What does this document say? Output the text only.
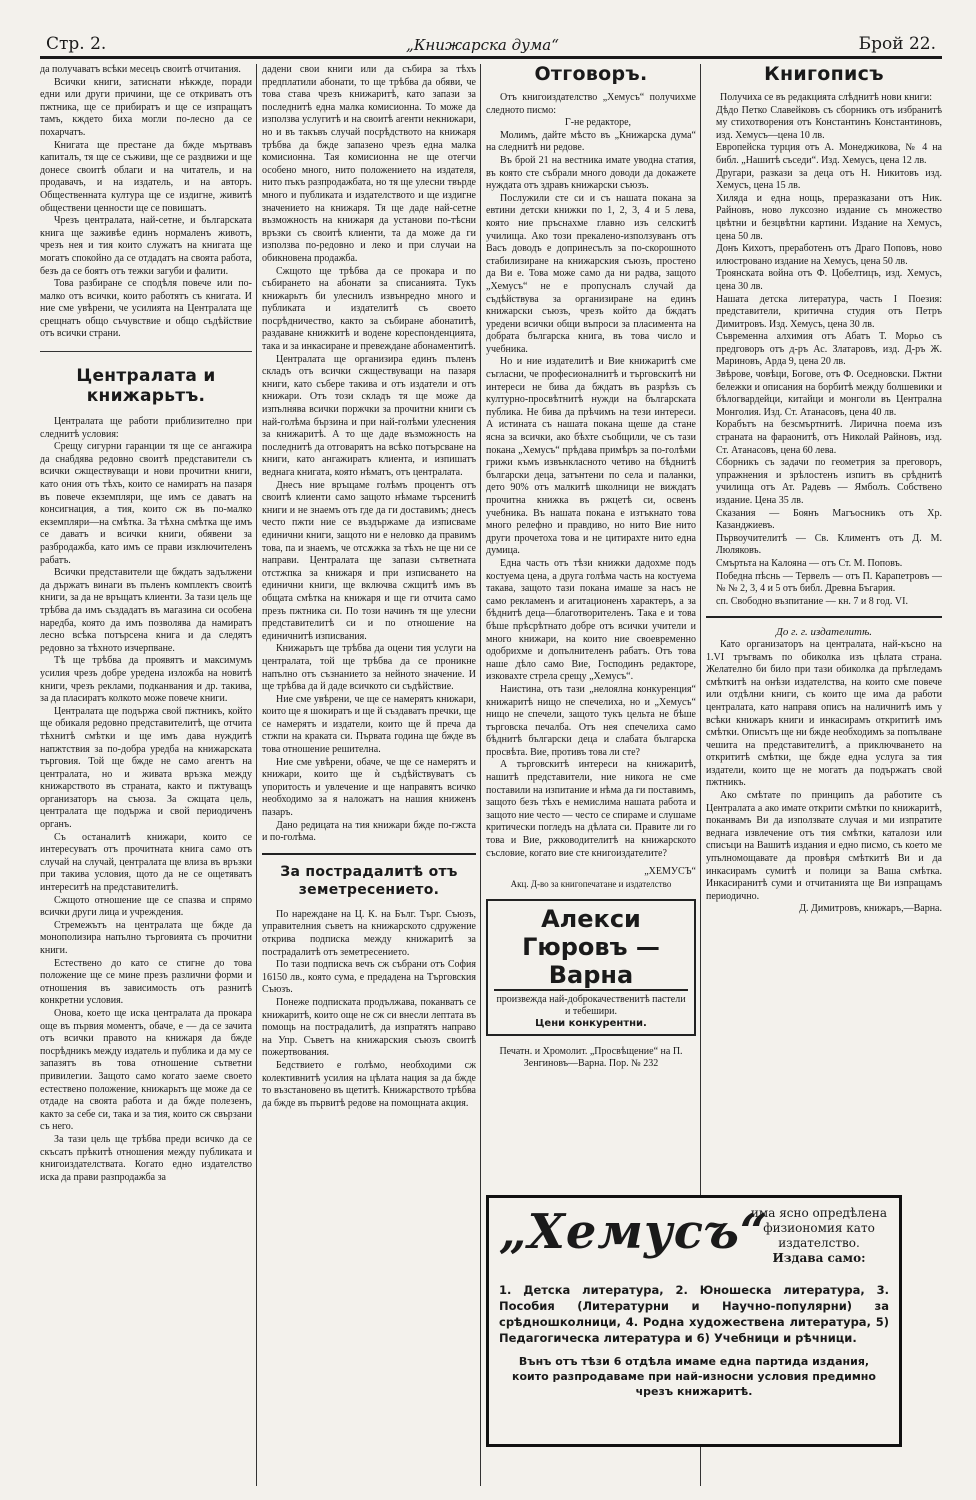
Стр. 2.	„Книжарска дума“	Брой 22.

да получаватъ всѣки месецъ своитѣ отчитания.

Всички книги, затиснати нѣкжде, поради едни или други причини, ще се откриватъ отъ пжтника, ще се прибиратъ и ще се изпращатъ тамъ, кждето биха могли по-лесно да се похарчатъ.

Книгата ще престане да бжде мъртвавъ капиталъ, тя ще се съживи, ще се раздвижи и ще донесе своитѣ облаги и на читатель, и на продавачъ, и на издатель, и на авторъ. Общественната култура ще се издигне, живитѣ обществени ценности ще се повишатъ.

Чрезъ централата, най-сетне, и българската книга ще заживѣе единъ нормаленъ животъ, чрезъ нея и тия които служатъ на книгата ще могатъ спокойно да се отдадатъ на своята работа, безъ да се боятъ отъ тежки загуби и фалити.

Това разбиране се сподѣля повече или по-малко отъ всички, които работятъ съ книгата. И ние сме увѣрени, че усилията на Централата ще срещнатъ общо съчувствие и общо съдѣйствие отъ всички страни.

Централата и книжарьтъ.

Централата ще работи приблизително при следнитѣ условия:

Срещу сигурни гаранции тя ще се ангажира да снабдява редовно своитѣ представители съ всички сжществуващи и нови прочитни книги, като ония отъ тѣхъ, които се намиратъ на пазаря въ повече екземпляри, ще имъ се даватъ на консигнация, а тия, които сж въ по-малко екземпляри—на смѣтка. За тѣхна смѣтка ще имъ се даватъ и всички книги, обявени за разбродажба, като имъ се прави изключителенъ рабатъ.

Всички представители ще бждатъ задължени да държатъ винаги въ пъленъ комплектъ своитѣ книги, за да не връщатъ клиенти. За тази цель ще трѣбва да имъ създадатъ въ магазина си особена наредба, която да имъ позволява да намиратъ лесно всѣка потърсена книга и да следятъ редовно за тѣхното изчерпване.

Тѣ ще трѣбва да проявятъ и максимумъ усилия чрезъ добре уредена изложба на новитѣ книги, чрезъ реклами, подканвания и др. такива, за да пласиратъ колкото може повече книги.

Централата ще подържа свой пжтникъ, който ще обикаля редовно представителитѣ, ще отчита тѣхнитѣ смѣтки и ще имъ дава нуждитѣ напжтствия за по-добра уредба на книжарската търговия. Той ще бжде не само агентъ на централата, но и живата връзка между книжарството въ страната, както и пжтуващъ организаторъ на съюза. За сжщата цель, централата ще подържа и свой периодиченъ органъ.

Съ останалитѣ книжари, които се интересуватъ отъ прочитната книга само отъ случай на случай, централата ще влиза въ връзки при такива условия, щото да не се ощетяватъ интереситѣ на представителитѣ.

Сжщото отношение ще се спазва и спрямо всички други лица и учреждения.

Стремежътъ на централата ще бжде да монополизира напълно търговията съ прочитни книги.

Естествено до като се стигне до това положение ще се мине презъ различни форми и отношения въ зависимость отъ разнитѣ конкретни условия.

Онова, което ще иска централата да прокара още въ първия моментъ, обаче, е — да се зачита отъ всички правото на книжаря да бжде посрѣдникъ между издатель и публика и да му се запазятъ въ това отношение сътветни привилегии. Защото само когато заеме своето естествено положение, книжарьтъ ще може да се отдаде на своята работа и да бжде полезенъ, както за себе си, така и за тия, които сж свързани съ него.

За тази цель ще трѣбва преди всичко да се скъсатъ прѣкитѣ отношения между публиката и книгоиздателствата. Когато едно издателство иска да прави разпродажба за

дадени свои книги или да събира за тѣхъ предплатили абонати, то ще трѣбва да обяви, че това става чрезъ книжаритѣ, като запази за последнитѣ една малка комисионна. То може да използва услугитѣ и на своитѣ агенти некнижари, но и въ такъвъ случай посрѣдството на книжаря трѣбва да бжде запазено чрезъ една малка комисионна. Тая комисионна не ще отегчи особено много, нито положението на издателя, нито пъкъ разпродажбата, но тя ще улесни твърде много и публиката и издателството и ще издигне значението на книжаря. Тя ще даде най-сетне възможность на книжаря да установи по-тѣсни връзки съ своитѣ клиенти, та да може да ги използва по-редовно и леко и при случаи на обикновена продажба.

Сжщото ще трѣбва да се прокара и по събирането на абонати за списанията. Тукъ книжарьтъ би улеснилъ извънредно много и публиката и издателитѣ съ своето посрѣдничество, както за събиране абонатитѣ, раздаване книжкитѣ и водене кореспонденцията, така и за инкасиране и превеждане абонаментитѣ.

Централата ще организира единъ пъленъ складъ отъ всички сжществуващи на пазаря книги, като събере такива и отъ издатели и отъ книжари. Отъ този складъ тя ще може да изпълнява всички поржчки за прочитни книги съ най-голѣма бързина и при най-голѣми улеснения за книжаритѣ. А то ще даде възможность на последнитѣ да отговарятъ на всѣко потърсване на книги, като ангажиратъ клиента, и изпишатъ веднага книгата, която нѣматъ, отъ централата.

Днесъ ние връщаме голѣмъ процентъ отъ своитѣ клиенти само защото нѣмаме търсенитѣ книги и не знаемъ отъ где да ги доставимъ; днесъ често пжти ние се въздържаме да изписваме единични книги, защото ни е неловко да правимъ това, па и знаемъ, че отсѫжка за тѣхъ не ще ни се направи. Централата ще запази сътветната отстжпка за книжаря и при изписването на единични книги, ще включва сжщитѣ имъ въ общата смѣтка на книжаря и ще ги отчита само презъ пжтника си. По този начинъ тя ще улесни представителитѣ си и по отношение на единичнитѣ изписвания.

Книжарьтъ ще трѣбва да оцени тия услуги на централата, той ще трѣбва да се проникне напълно отъ съзнанието за нейното значение. И ще трѣбва да й даде всичкото си съдѣйствие.

Ние сме увѣрени, че ще се намерятъ книжари, които ще я шокиратъ и ще й създаватъ пречки, ще се намерятъ и издатели, които ще й преча да стжпи на краката си. Първата година ще бжде въ това отношение решителна.

Ние сме увѣрени, обаче, че ще се намерятъ и книжари, които ще ѝ съдѣйствуватъ съ упоритость и увлечение и ще направятъ всичко необходимо за я наложатъ на нашия книженъ пазаръ.

Дано редицата на тия книжари бжде по-гжста и по-голѣма.

За пострадалитѣ отъ земетресението.

По нареждане на Ц. К. на Бълг. Търг. Съюзъ, управителния съветъ на книжарското сдружение открива подписка между книжаритѣ за пострадалитѣ отъ земетресението.

По тази подписка вечъ сж събрани отъ София 16150 лв., която сума, е предадена на Търговския Съюзъ.

Понеже подписката продължава, поканватъ се книжаритѣ, които още не сж си внесли лептата въ помощь на пострадалитѣ, да изпратятъ направо на Упр. Съветъ на книжарския съюзъ своитѣ пожертвования.

Бедствието е голѣмо, необходими сж колективнитѣ усилия на цѣлата нация за да бжде то възстановено въ щетитѣ. Книжарството трѣбва да бжде въ първитѣ редове на помощната акция.

Отговоръ.

Отъ книгоиздателство „Хемусъ“ получихме следното писмо:

Г-не редакторе,

Молимъ, дайте мѣсто въ „Книжарска дума“ на следнитѣ ни редове.

Въ брой 21 на вестника имате уводна статия, въ която сте събрали много доводи да докажете нуждата отъ здравъ книжарски съюзъ.

Послужили сте си и съ нашата покана за евтини детски книжки по 1, 2, 3, 4 и 5 лева, която ние пръснахме главно изъ селскитѣ училища. Ако този прекалено-използуванъ отъ Васъ доводъ е допринесълъ за по-скорошното стабилизиране на книжарския съюзъ, простено да Ви е. Това може само да ни радва, защото „Хемусъ“ не е пропусналъ случай да съдѣйствува за организиране на единъ книжарски съюзъ, чрезъ който да бждатъ уредени всички общи въпроси за пласимента на добрата българска книга, въ това число и учебника.

Но и ние издателитѣ и Вие книжаритѣ сме съгласни, че професионалнитѣ и търговскитѣ ни интереси не бива да бждатъ въ разрѣзъ съ културно-просвѣтнитѣ нужди на българската публика. Не бива да прѣчимъ на тези интереси. А истината съ нашата покана щеше да стане ясна за всички, ако бѣхте съобщили, че съ тази покана „Хемусъ“ прѣдава примѣръ за по-голѣми грижи къмъ извънкласното четиво на бѣднитѣ български деца, затънтени по села и паланки, дето 90% отъ малкитѣ школници не виждатъ прочитна книжка въ ржцетѣ си, освенъ учебника. Въ нашата покана е изтъкнато това много релефно и правдиво, но нито Вие нито други прочетоха това и не цитирахте нито една думица.

Една часть отъ тѣзи книжки дадохме подъ костуема цена, а друга голѣма часть на костуема такава, защото тази покана имаше за насъ не само рекламенъ и агитационенъ характеръ, а за бѣднитѣ деца—благотворителенъ. Така е и това бѣше прѣсрѣтнато добре отъ всички учители и много книжари, на които ние своевременно одобрихме и допълнителенъ рабатъ. Отъ това наше дѣло само Вие, Господинъ редакторе, изковахте стрела срещу „Хемусъ“.

Наистина, отъ тази „нелоялна конкуренция“ книжаритѣ нищо не спечелиха, но и „Хемусъ“ нищо не спечели, защото тукъ цельта не бѣше търговска печалба. Отъ нея спечелиха само бѣднитѣ български деца и слабата българска просвѣта. Вие, противъ това ли сте?

А търговскитѣ интереси на книжаритѣ, нашитѣ представители, ние никога не сме поставили на изпитание и нѣма да ги поставимъ, защото безъ тѣхъ е немислима нашата работа и защото ние често — често се спираме и слушаме критически погледъ на дѣлата си. Правите ли го това и Вие, ржководителитѣ на книжарското съсловие, когато вие сте книгоиздателите?

„ХЕМУСЪ“
Акц. Д-во за книгопечатане и издателство
Алекси Гюровъ — Варна
произвежда най-доброкачественитѣ пастели и тебешири.
Цени конкурентни.
Печатн. и Хромолит. „Просвѣщение“ на П. Зенгиновъ—Варна. Пор. № 232
Книгописъ

Получиха се въ редакцията слѣднитѣ нови книги:

Дѣдо Петко Славейковъ съ сборникъ отъ избранитѣ му стихотворения отъ Константинъ Константиновъ, изд. Хемусъ—цена 10 лв.

Европейска турция отъ А. Монеджикова, № 4 на библ. „Нашитѣ съседи“. Изд. Хемусъ, цена 12 лв.

Другари, разкази за деца отъ Н. Никитовъ изд. Хемусъ, цена 15 лв.

Хиляда и една нощь, преразказани отъ Ник. Райновъ, ново луксозно издание съ множество цвѣтни и безцвѣтни картини. Издание на Хемусъ, цена 50 лв.

Донъ Кихотъ, преработенъ отъ Драго Поповъ, ново илюстровано издание на Хемусъ, цена 50 лв.

Троянската война отъ Ф. Цобелтицъ, изд. Хемусъ, цена 30 лв.

Нашата детска литература, часть I Поезия: представители, критична студия отъ Петръ Димитровъ. Изд. Хемусъ, цена 30 лв.

Съвременна алхимия отъ Абатъ Т. Морьо съ предговоръ отъ д-ръ Ас. Златаровъ, изд. Д-ръ Ж. Мариновъ, Арда 9, цена 20 лв.

Звѣрове, човѣци, Богове, отъ Ф. Оседновски. Пжтни бележки и описания на борбитѣ между болшевики и бѣлогвардейци, китайци и монголи въ Централна Монголия. Изд. Ст. Атанасовъ, цена 40 лв.

Корабътъ на безсмъртнитѣ. Лирична поема изъ страната на фараонитѣ, отъ Николай Райновъ, изд. Ст. Атанасовъ, цена 60 лева.

Сборникъ съ задачи по геометрия за преговоръ, упражнения и зрѣлостенъ изпитъ въ срѣднитѣ училища отъ Ат. Радевъ — Ямболъ. Собствено издание. Цена 35 лв.

Сказания — Боянъ Магъосникъ отъ Хр. Казанджиевъ.

Първоучителитѣ — Св. Климентъ отъ Д. М. Люляковъ.

Смъртьта на Калояна — отъ Ст. М. Поповъ.

Победна пѣснь — Тервелъ — отъ П. Карапетровъ — № № 2, 3, 4 и 5 отъ библ. Древна Бъгария.

сп. Свободно възпитание — кн. 7 и 8 год. VI.

До г. г. издателитѣ.

Като организаторъ на централата, най-късно на 1.VI тръгвамъ по обиколка изъ цѣлата страна. Желателно би било при тази обиколка да прѣгледамъ смѣткитѣ на онѣзи издателства, на които сме повече или отдѣлни книги, съ които ще има да работи централата, като направя описъ на наличнитѣ имъ у всѣки книжаръ книги и инкасирамъ открититѣ имъ смѣтки. Описътъ ще ни бжде необходимъ за попълване чешита на представителитѣ, а приключването на открититѣ смѣтки, ще бжде една услуга за тия издатели, които ще не могатъ да подържатъ свой пжтникъ.

Ако смѣтате по принципъ да работите съ Централата а ако имате открити смѣтки по книжаритѣ, поканвамъ Ви да използвате случая и ми изпратите веднага извлечение отъ тия смѣтки, каталози или списъци на Вашитѣ издания и едно писмо, съ което ме упълномощавате да провѣря смѣткитѣ Ви и да инкасирамъ сумитѣ и полици за Ваша смѣтка. Инкасиранитѣ суми и отчитанията ще Ви изпращамъ периодично.

Д. Димитровъ, книжаръ,—Варна.

„Хемусъ“
има ясно опредѣлена физиономия като издателство.
Издава само:
1. Детска литература, 2. Юношеска литература, 3. Пособия (Литературни и Научно-популярни) за срѣдношколници, 4. Родна художествена литература, 5) Педагогическа литература и 6) Учебници и рѣчници.
Вънъ отъ тѣзи 6 отдѣла имаме една партида издания, които разпродаваме при най-износни условия предимно чрезъ книжаритѣ.
